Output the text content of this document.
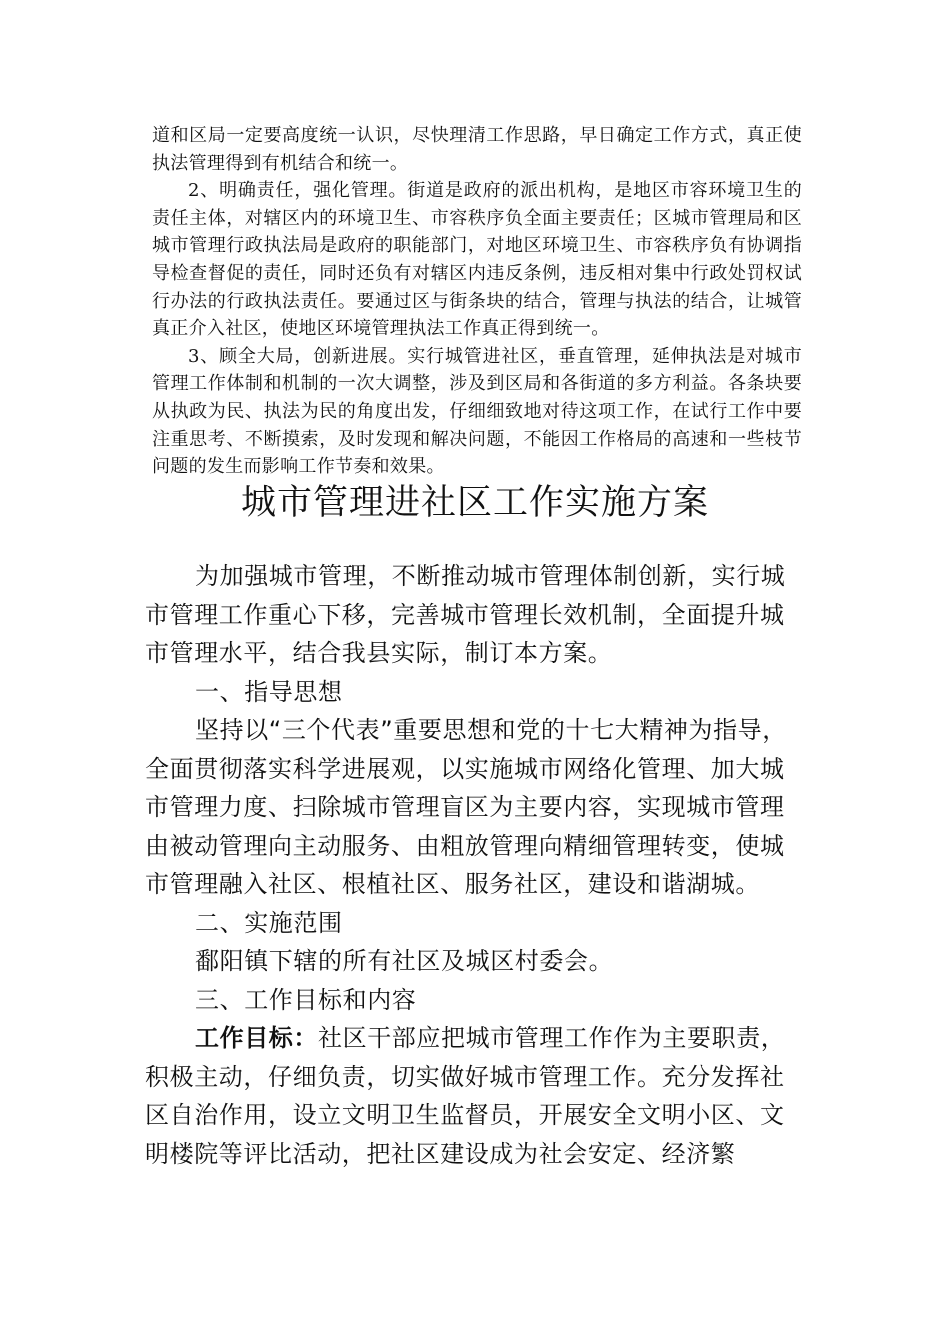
道和区局一定要高度统一认识，尽快理清工作思路，早日确定工作方式，真正使执法管理得到有机结合和统一。

2、明确责任，强化管理。街道是政府的派出机构，是地区市容环境卫生的责任主体，对辖区内的环境卫生、市容秩序负全面主要责任；区城市管理局和区城市管理行政执法局是政府的职能部门，对地区环境卫生、市容秩序负有协调指导检查督促的责任，同时还负有对辖区内违反条例，违反相对集中行政处罚权试行办法的行政执法责任。要通过区与街条块的结合，管理与执法的结合，让城管真正介入社区，使地区环境管理执法工作真正得到统一。

3、顾全大局，创新进展。实行城管进社区，垂直管理，延伸执法是对城市管理工作体制和机制的一次大调整，涉及到区局和各街道的多方利益。各条块要从执政为民、执法为民的角度出发，仔细细致地对待这项工作，在试行工作中要注重思考、不断摸索，及时发现和解决问题，不能因工作格局的高速和一些枝节问题的发生而影响工作节奏和效果。

城市管理进社区工作实施方案

为加强城市管理，不断推动城市管理体制创新，实行城市管理工作重心下移，完善城市管理长效机制，全面提升城市管理水平，结合我县实际，制订本方案。

一、指导思想

坚持以“三个代表”重要思想和党的十七大精神为指导，全面贯彻落实科学进展观，以实施城市网络化管理、加大城市管理力度、扫除城市管理盲区为主要内容，实现城市管理由被动管理向主动服务、由粗放管理向精细管理转变，使城市管理融入社区、根植社区、服务社区，建设和谐湖城。

二、实施范围

鄱阳镇下辖的所有社区及城区村委会。

三、工作目标和内容

工作目标：社区干部应把城市管理工作作为主要职责，积极主动，仔细负责，切实做好城市管理工作。充分发挥社区自治作用，设立文明卫生监督员，开展安全文明小区、文明楼院等评比活动，把社区建设成为社会安定、经济繁
